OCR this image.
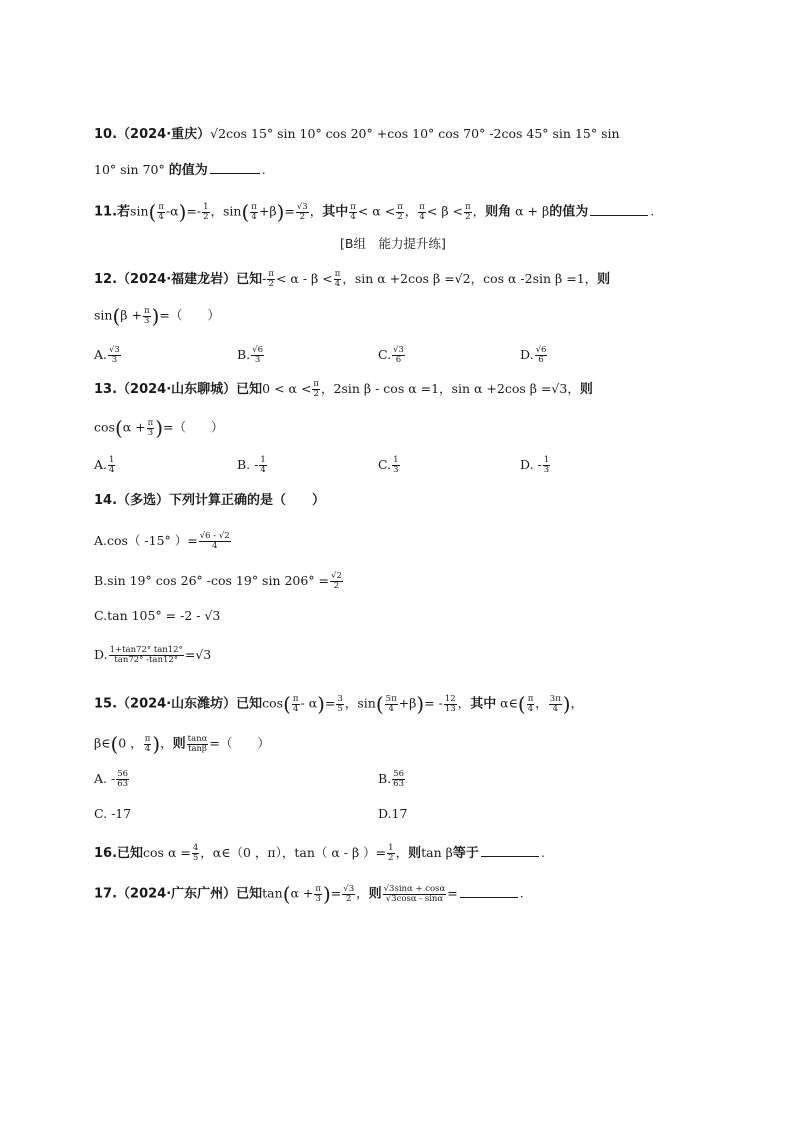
10.（2024·重庆）√2cos 15° sin 10° cos 20° +cos 10° cos 70° -2cos 45° sin 15° sin
10° sin 70° 的值为	.
11.若$\sin( \frac{\pi}{4} -\alpha)=- \frac{1}{2}$ ，$\sin( \frac{\pi}{4} +\beta)= \frac{√3}{2}$ ，其中 $\frac{\pi}{4} < \alpha < \frac{\pi}{2}$ ， $\frac{\pi}{4} < \beta < \frac{\pi}{2}$ ，则角 α + β的值为	.
[B组　能力提升练]
12.（2024·福建龙岩）已知- $\frac{\pi}{2} < \alpha - \beta < \frac{\pi}{4}$ ，sin α +2cos β =√2，cos α -2sin β =1，则
$\sin(\beta + \frac{\pi}{3}$ )=（　　）
A. $\frac{√3}{3}$	B. $\frac{√6}{3}$	C. $\frac{√3}{6}$	D. $\frac{√6}{6}$
13.（2024·山东聊城）已知$0 < \alpha < \frac{\pi}{2}$ ，2sin β - cos α =1，sin α +2cos β =√3，则
$\cos(\alpha + \frac{\pi}{3}$ )=（　　）
A. $\frac{1}{4}$	B. - $\frac{1}{4}$	C. $\frac{1}{3}$	D. - $\frac{1}{3}$
14.（多选）下列计算正确的是（　　）
A.cos（ -15° ）= $\frac{√6 - √2}{4}$
B.sin 19° cos 26° -cos 19° $\sin 206^\circ = \frac{√2}{2}$
C.tan 105° = -2 - √3
D. $\frac{1+\tan 72^\circ \tan 12^\circ}{\tan 72^\circ -\tan 12^\circ} =√3$
15.（2024·山东潍坊）已知$\cos( \frac{\pi}{4} - \alpha)= \frac{3}{5}$ ，$\sin( \frac{5\pi}{4} +\beta)= - \frac{12}{13}$ ，其中 α∈( $\frac{\pi}{4}$ ， $\frac{3\pi}{4}$ )，
β∈(0 ， $\frac{\pi}{4}$ )，则 $\frac{\tan\alpha}{\tan\beta}$ =（　　）
A. - $\frac{56}{63}$	B. $\frac{56}{63}$
C. -17	D.17
16.已知$\cos \alpha = \frac{4}{5}$ ，α∈（0 ，π），tan（ α - β ）= $\frac{1}{2}$ ，则tan β等于	.
17.（2024·广东广州）已知$\tan(\alpha + \frac{\pi}{3}$ )= $\frac{√3}{2}$ ，则 $\frac{√3\sin\alpha + \cos\alpha}{√3\cos\alpha - \sin\alpha}$ =	.
